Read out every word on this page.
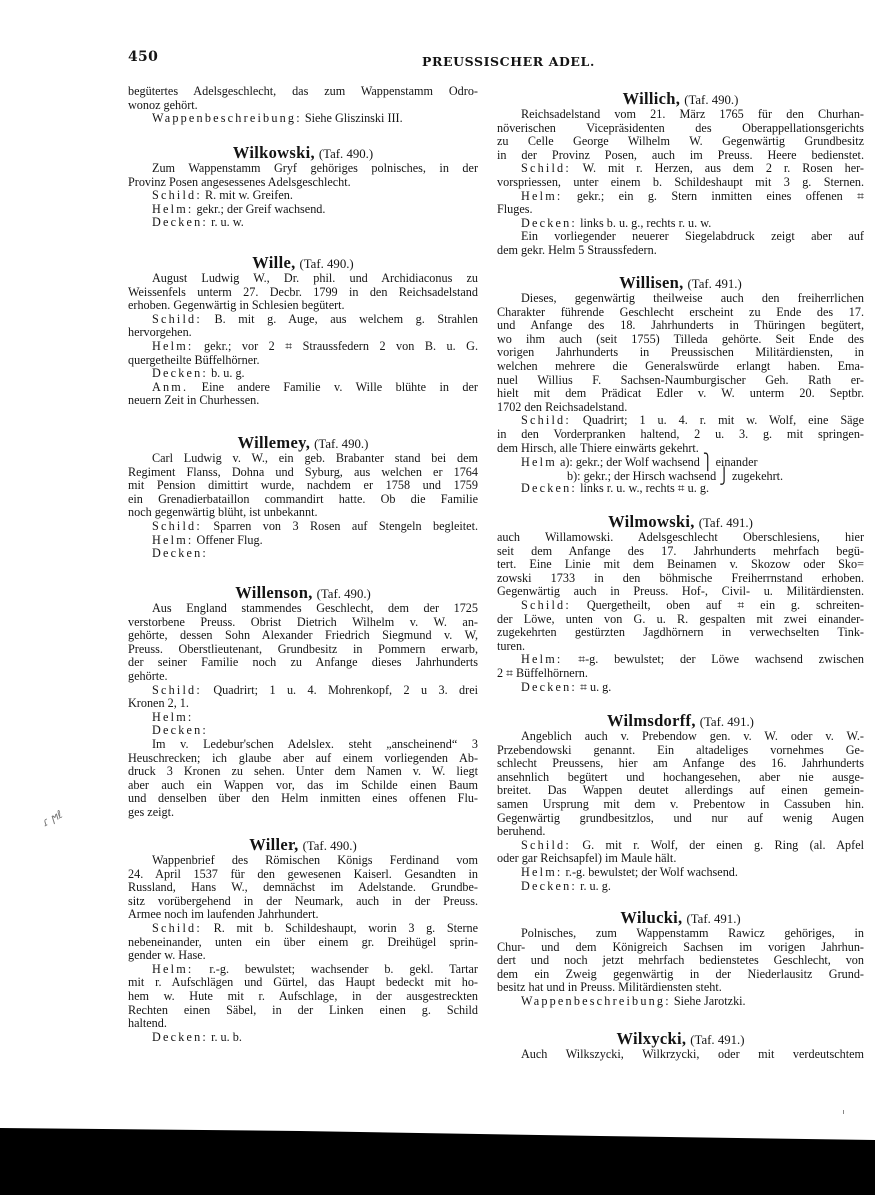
450	PREUSSISCHER ADEL.
ɾ ϻℓ
begütertes Adelsgeschlecht, das zum Wappenstamm Odro-
wonoz gehört.
Wappenbeschreibung: Siehe Gliszinski III.
Wilkowski, (Taf. 490.)
Zum Wappenstamm Gryf gehöriges polnisches, in der
Provinz Posen angesessenes Adelsgeschlecht.
Schild: R. mit w. Greifen.
Helm: gekr.; der Greif wachsend.
Decken: r. u. w.
Wille, (Taf. 490.)
August Ludwig W., Dr. phil. und Archidiaconus zu
Weissenfels unterm 27. Decbr. 1799 in den Reichsadelstand
erhoben. Gegenwärtig in Schlesien begütert.
Schild: B. mit g. Auge, aus welchem g. Strahlen
hervorgehen.
Helm: gekr.; vor 2 ⌗ Straussfedern 2 von B. u. G.
quergetheilte Büffelhörner.
Decken: b. u. g.
Anm. Eine andere Familie v. Wille blühte in der
neuern Zeit in Churhessen.
Willemey, (Taf. 490.)
Carl Ludwig v. W., ein geb. Brabanter stand bei dem
Regiment Flanss, Dohna und Syburg, aus welchen er 1764
mit Pension dimittirt wurde, nachdem er 1758 und 1759
ein Grenadierbataillon commandirt hatte. Ob die Familie
noch gegenwärtig blüht, ist unbekannt.
Schild: Sparren von 3 Rosen auf Stengeln begleitet.
Helm: Offener Flug.
Decken:
Willenson, (Taf. 490.)
Aus England stammendes Geschlecht, dem der 1725
verstorbene Preuss. Obrist Dietrich Wilhelm v. W. an-
gehörte, dessen Sohn Alexander Friedrich Siegmund v. W,
Preuss. Oberstlieutenant, Grundbesitz in Pommern erwarb,
der seiner Familie noch zu Anfange dieses Jahrhunderts
gehörte.
Schild: Quadrirt; 1 u. 4. Mohrenkopf, 2 u 3. drei
Kronen 2, 1.
Helm:
Decken:
Im v. Ledebur'schen Adelslex. steht „anscheinend“ 3
Heuschrecken; ich glaube aber auf einem vorliegenden Ab-
druck 3 Kronen zu sehen. Unter dem Namen v. W. liegt
aber auch ein Wappen vor, das im Schilde einen Baum
und denselben über den Helm inmitten eines offenen Flu-
ges zeigt.
Willer, (Taf. 490.)
Wappenbrief des Römischen Königs Ferdinand vom
24. April 1537 für den gewesenen Kaiserl. Gesandten in
Russland, Hans W., demnächst im Adelstande. Grundbe-
sitz vorübergehend in der Neumark, auch in der Preuss.
Armee noch im laufenden Jahrhundert.
Schild: R. mit b. Schildeshaupt, worin 3 g. Sterne
nebeneinander, unten ein über einem gr. Dreihügel sprin-
gender w. Hase.
Helm: r.-g. bewulstet; wachsender b. gekl. Tartar
mit r. Aufschlägen und Gürtel, das Haupt bedeckt mit ho-
hem w. Hute mit r. Aufschlage, in der ausgestreckten
Rechten einen Säbel, in der Linken einen g. Schild
haltend.
Decken: r. u. b.
Willich, (Taf. 490.)
Reichsadelstand vom 21. März 1765 für den Churhan-
növerischen Vicepräsidenten des Oberappellationsgerichts
zu Celle George Wilhelm W. Gegenwärtig Grundbesitz
in der Provinz Posen, auch im Preuss. Heere bedienstet.
Schild: W. mit r. Herzen, aus dem 2 r. Rosen her-
vorspriessen, unter einem b. Schildeshaupt mit 3 g. Sternen.
Helm: gekr.; ein g. Stern inmitten eines offenen ⌗
Fluges.
Decken: links b. u. g., rechts r. u. w.
Ein vorliegender neuerer Siegelabdruck zeigt aber auf
dem gekr. Helm 5 Straussfedern.
Willisen, (Taf. 491.)
Dieses, gegenwärtig theilweise auch den freiherrlichen
Charakter führende Geschlecht erscheint zu Ende des 17.
und Anfange des 18. Jahrhunderts in Thüringen begütert,
wo ihm auch (seit 1755) Tilleda gehörte. Seit Ende des
vorigen Jahrhunderts in Preussischen Militärdiensten, in
welchen mehrere die Generalswürde erlangt haben. Ema-
nuel Willius F. Sachsen-Naumburgischer Geh. Rath er-
hielt mit dem Prädicat Edler v. W. unterm 20. Septbr.
1702 den Reichsadelstand.
Schild: Quadrirt; 1 u. 4. r. mit w. Wolf, eine Säge
in den Vorderpranken haltend, 2 u. 3. g. mit springen-
dem Hirsch, alle Thiere einwärts gekehrt.
Helm a): gekr.; der Wolf wachsend ⎫ einander
b): gekr.; der Hirsch wachsend ⎭ zugekehrt.
Decken: links r. u. w., rechts ⌗ u. g.
Wilmowski, (Taf. 491.)
auch Willamowski. Adelsgeschlecht Oberschlesiens, hier
seit dem Anfange des 17. Jahrhunderts mehrfach begü-
tert. Eine Linie mit dem Beinamen v. Skozow oder Sko=
zowski 1733 in den böhmische Freiherrnstand erhoben.
Gegenwärtig auch in Preuss. Hof-, Civil- u. Militärdiensten.
Schild: Quergetheilt, oben auf ⌗ ein g. schreiten-
der Löwe, unten von G. u. R. gespalten mit zwei einander-
zugekehrten gestürzten Jagdhörnern in verwechselten Tink-
turen.
Helm: ⌗-g. bewulstet; der Löwe wachsend zwischen
2 ⌗ Büffelhörnern.
Decken: ⌗ u. g.
Wilmsdorff, (Taf. 491.)
Angeblich auch v. Prebendow gen. v. W. oder v. W.-
Przebendowski genannt. Ein altadeliges vornehmes Ge-
schlecht Preussens, hier am Anfange des 16. Jahrhunderts
ansehnlich begütert und hochangesehen, aber nie ausge-
breitet. Das Wappen deutet allerdings auf einen gemein-
samen Ursprung mit dem v. Prebentow in Cassuben hin.
Gegenwärtig grundbesitzlos, und nur auf wenig Augen
beruhend.
Schild: G. mit r. Wolf, der einen g. Ring (al. Apfel
oder gar Reichsapfel) im Maule hält.
Helm: r.-g. bewulstet; der Wolf wachsend.
Decken: r. u. g.
Wilucki, (Taf. 491.)
Polnisches, zum Wappenstamm Rawicz gehöriges, in
Chur- und dem Königreich Sachsen im vorigen Jahrhun-
dert und noch jetzt mehrfach bedienstetes Geschlecht, von
dem ein Zweig gegenwärtig in der Niederlausitz Grund-
besitz hat und in Preuss. Militärdiensten steht.
Wappenbeschreibung: Siehe Jarotzki.
Wilxycki, (Taf. 491.)
Auch Wilkszycki, Wilkrzycki, oder mit verdeutschtem
